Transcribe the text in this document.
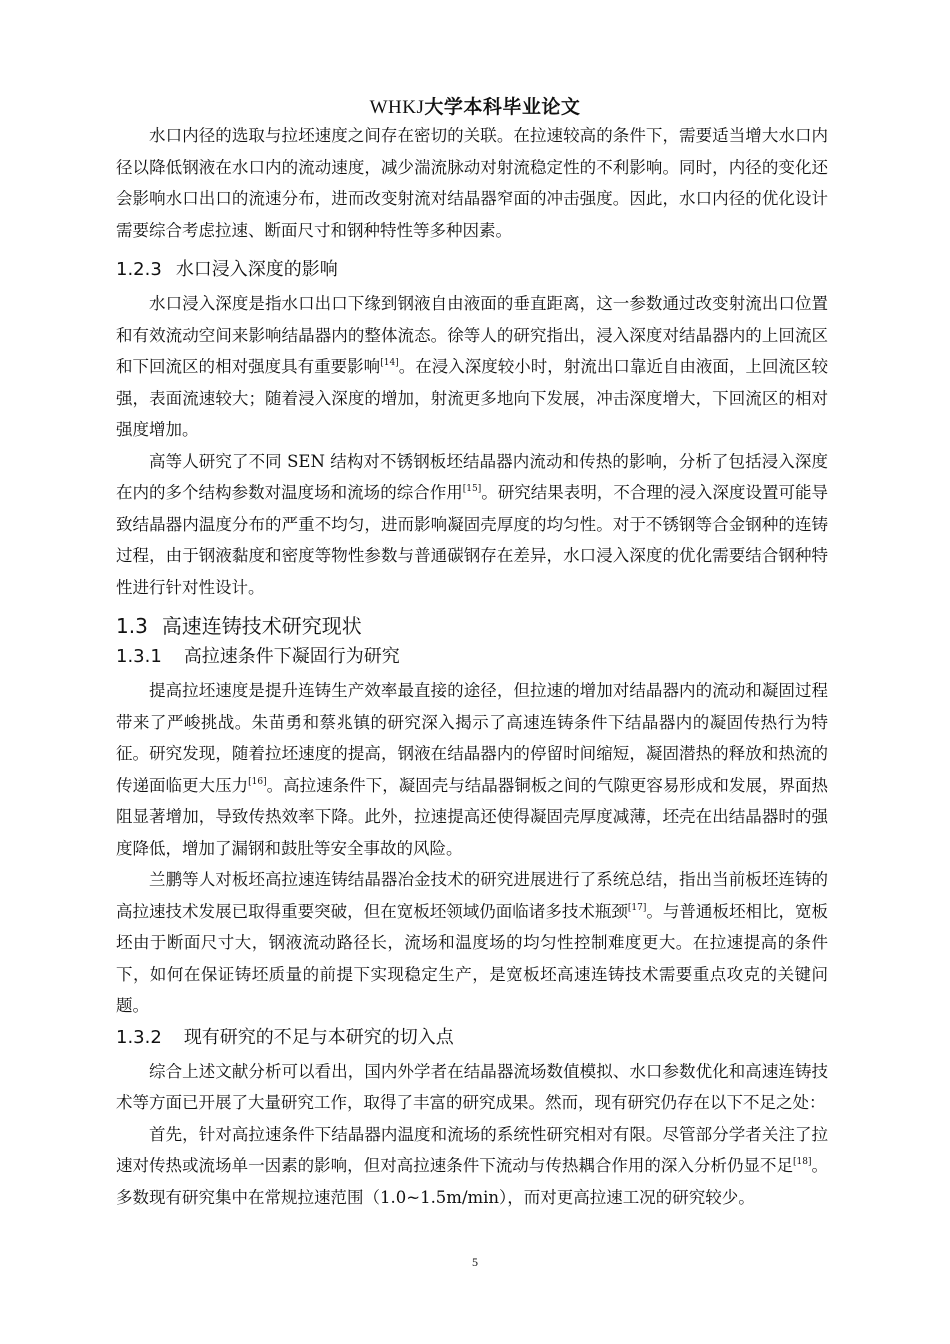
WHKJ大学本科毕业论文

水口内径的选取与拉坯速度之间存在密切的关联。在拉速较高的条件下，需要适当增大水口内径以降低钢液在水口内的流动速度，减少湍流脉动对射流稳定性的不利影响。同时，内径的变化还会影响水口出口的流速分布，进而改变射流对结晶器窄面的冲击强度。因此，水口内径的优化设计需要综合考虑拉速、断面尺寸和钢种特性等多种因素。

1.2.3 水口浸入深度的影响

水口浸入深度是指水口出口下缘到钢液自由液面的垂直距离，这一参数通过改变射流出口位置和有效流动空间来影响结晶器内的整体流态。徐等人的研究指出，浸入深度对结晶器内的上回流区和下回流区的相对强度具有重要影响[14]。在浸入深度较小时，射流出口靠近自由液面，上回流区较强，表面流速较大；随着浸入深度的增加，射流更多地向下发展，冲击深度增大，下回流区的相对强度增加。

高等人研究了不同 SEN 结构对不锈钢板坯结晶器内流动和传热的影响，分析了包括浸入深度在内的多个结构参数对温度场和流场的综合作用[15]。研究结果表明，不合理的浸入深度设置可能导致结晶器内温度分布的严重不均匀，进而影响凝固壳厚度的均匀性。对于不锈钢等合金钢种的连铸过程，由于钢液黏度和密度等物性参数与普通碳钢存在差异，水口浸入深度的优化需要结合钢种特性进行针对性设计。

1.3 高速连铸技术研究现状
1.3.1 高拉速条件下凝固行为研究

提高拉坯速度是提升连铸生产效率最直接的途径，但拉速的增加对结晶器内的流动和凝固过程带来了严峻挑战。朱苗勇和蔡兆镇的研究深入揭示了高速连铸条件下结晶器内的凝固传热行为特征。研究发现，随着拉坯速度的提高，钢液在结晶器内的停留时间缩短，凝固潜热的释放和热流的传递面临更大压力[16]。高拉速条件下，凝固壳与结晶器铜板之间的气隙更容易形成和发展，界面热阻显著增加，导致传热效率下降。此外，拉速提高还使得凝固壳厚度减薄，坯壳在出结晶器时的强度降低，增加了漏钢和鼓肚等安全事故的风险。

兰鹏等人对板坯高拉速连铸结晶器冶金技术的研究进展进行了系统总结，指出当前板坯连铸的高拉速技术发展已取得重要突破，但在宽板坯领域仍面临诸多技术瓶颈[17]。与普通板坯相比，宽板坯由于断面尺寸大，钢液流动路径长，流场和温度场的均匀性控制难度更大。在拉速提高的条件下，如何在保证铸坯质量的前提下实现稳定生产，是宽板坯高速连铸技术需要重点攻克的关键问题。

1.3.2 现有研究的不足与本研究的切入点

综合上述文献分析可以看出，国内外学者在结晶器流场数值模拟、水口参数优化和高速连铸技术等方面已开展了大量研究工作，取得了丰富的研究成果。然而，现有研究仍存在以下不足之处：

首先，针对高拉速条件下结晶器内温度和流场的系统性研究相对有限。尽管部分学者关注了拉速对传热或流场单一因素的影响，但对高拉速条件下流动与传热耦合作用的深入分析仍显不足[18]。多数现有研究集中在常规拉速范围（1.0~1.5m/min），而对更高拉速工况的研究较少。

5
